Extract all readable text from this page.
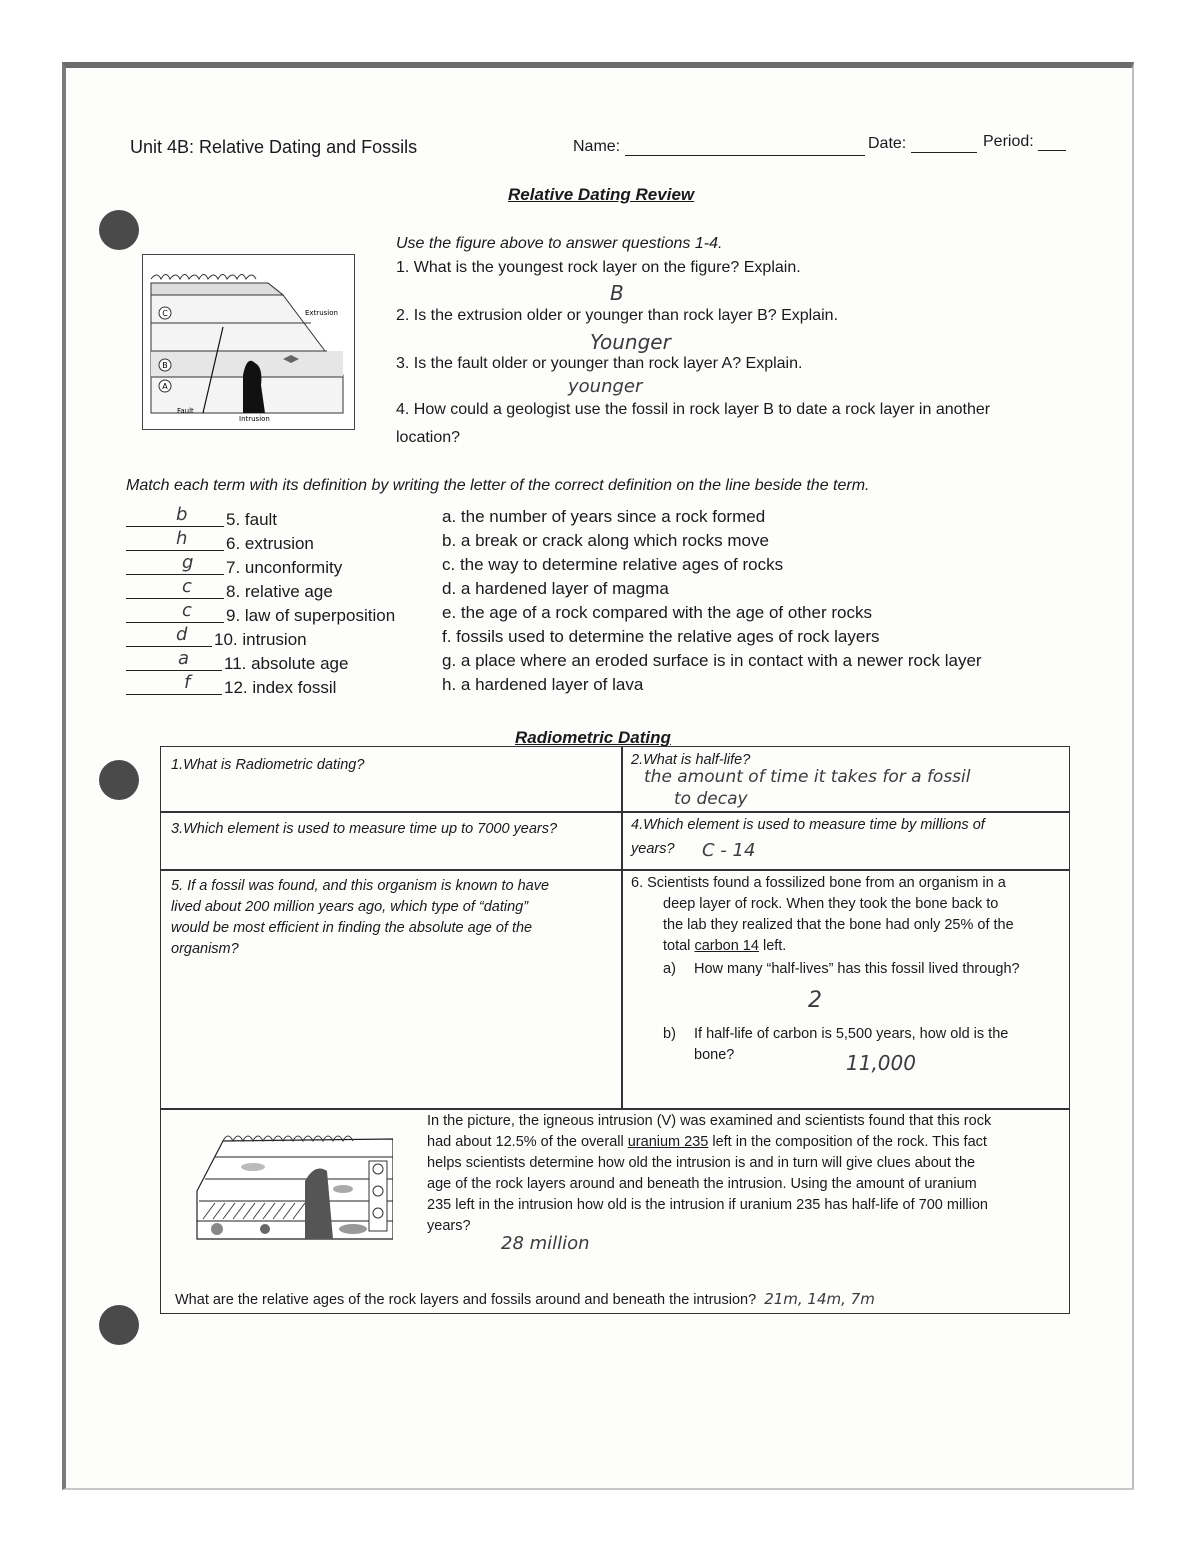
Unit 4B: Relative Dating and Fossils	Name:	Date:	Period:
Relative Dating Review
C
B
A
Extrusion
Fault
Intrusion
Use the figure above to answer questions 1-4.
1. What is the youngest rock layer on the figure? Explain.
B
2. Is the extrusion older or younger than rock layer B? Explain.
Younger
3. Is the fault older or younger than rock layer A? Explain.
younger
4. How could a geologist use the fossil in rock layer B to date a rock layer in another
location?
Match each term with its definition by writing the letter of the correct definition on the line beside the term.
b 5. fault
h 6. extrusion
g 7. unconformity
c 8. relative age
c 9. law of superposition
d 10. intrusion
a 11. absolute age
f 12. index fossil
a. the number of years since a rock formed
b. a break or crack along which rocks move
c. the way to determine relative ages of rocks
d. a hardened layer of magma
e. the age of a rock compared with the age of other rocks
f. fossils used to determine the relative ages of rock layers
g. a place where an eroded surface is in contact with a newer rock layer
h. a hardened layer of lava
Radiometric Dating
1.What is Radiometric dating?	2.What is half-life?
the amount of time it takes for a fossil
to decay
3.Which element is used to measure time up to 7000 years?	4.Which element is used to measure time by millions of
years? C - 14
5. If a fossil was found, and this organism is known to have
lived about 200 million years ago, which type of “dating”
would be most efficient in finding the absolute age of the
organism?
6. Scientists found a fossilized bone from an organism in a
deep layer of rock. When they took the bone back to
the lab they realized that the bone had only 25% of the
total carbon 14 left.
a) How many “half-lives” has this fossil lived through?
2
b) If half-life of carbon is 5,500 years, how old is the
bone?	11,000
In the picture, the igneous intrusion (V) was examined and scientists found that this rock
had about 12.5% of the overall uranium 235 left in the composition of the rock. This fact
helps scientists determine how old the intrusion is and in turn will give clues about the
age of the rock layers around and beneath the intrusion. Using the amount of uranium
235 left in the intrusion how old is the intrusion if uranium 235 has half-life of 700 million
years?
28 million
What are the relative ages of the rock layers and fossils around and beneath the intrusion? 21m, 14m, 7m
